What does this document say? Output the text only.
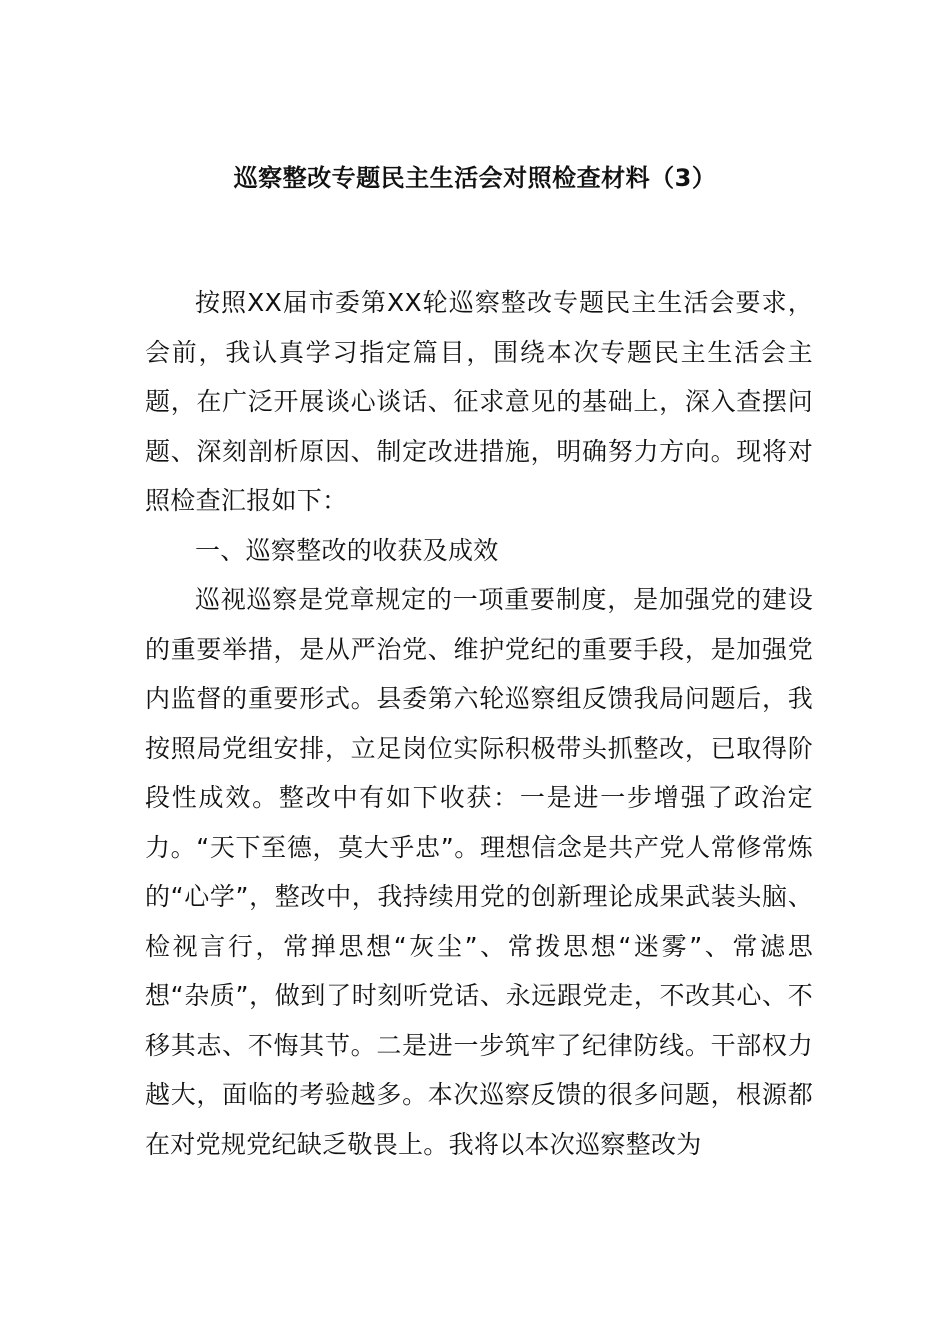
巡察整改专题民主生活会对照检查材料（3）

按照XX届市委第XX轮巡察整改专题民主生活会要求，会前，我认真学习指定篇目，围绕本次专题民主生活会主题，在广泛开展谈心谈话、征求意见的基础上，深入查摆问题、深刻剖析原因、制定改进措施，明确努力方向。现将对照检查汇报如下：

一、巡察整改的收获及成效

巡视巡察是党章规定的一项重要制度，是加强党的建设的重要举措，是从严治党、维护党纪的重要手段，是加强党内监督的重要形式。县委第六轮巡察组反馈我局问题后，我按照局党组安排，立足岗位实际积极带头抓整改，已取得阶段性成效。整改中有如下收获：一是进一步增强了政治定力。“天下至德，莫大乎忠”。理想信念是共产党人常修常炼的“心学”，整改中，我持续用党的创新理论成果武装头脑、检视言行，常掸思想“灰尘”、常拨思想“迷雾”、常滤思想“杂质”，做到了时刻听党话、永远跟党走，不改其心、不移其志、不悔其节。二是进一步筑牢了纪律防线。干部权力越大，面临的考验越多。本次巡察反馈的很多问题，根源都在对党规党纪缺乏敬畏上。我将以本次巡察整改为
